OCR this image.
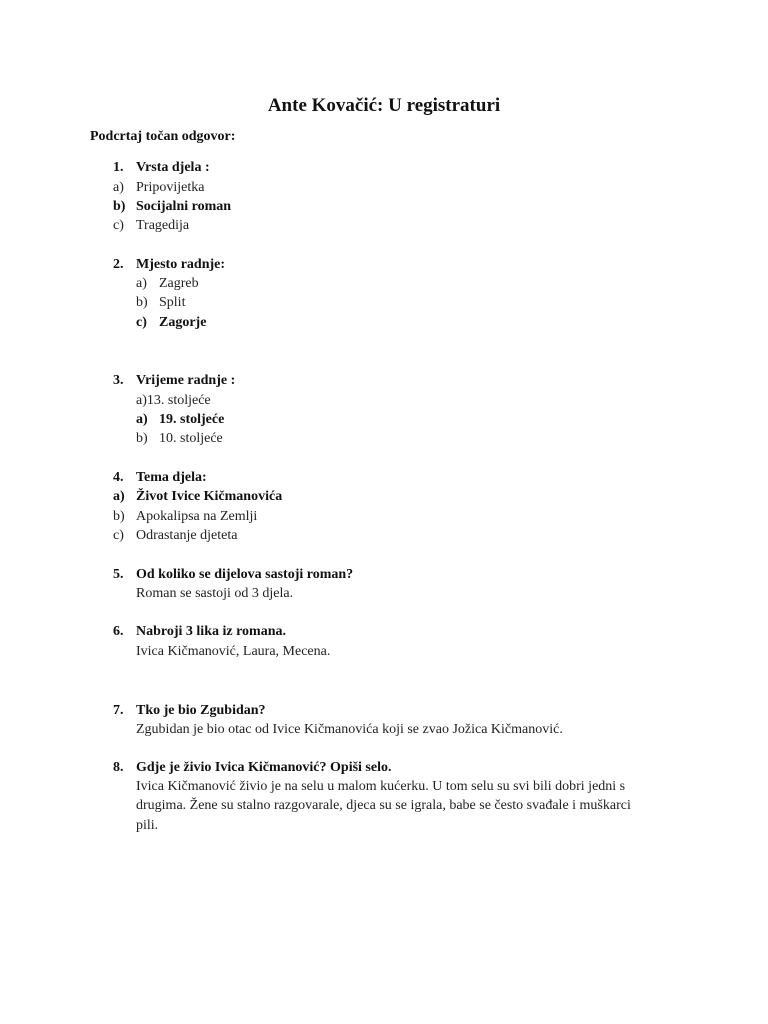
Ante Kovačić: U registraturi
Podcrtaj točan odgovor:
1. Vrsta djela :
a) Pripovijetka
b) Socijalni roman
c) Tragedija
2. Mjesto radnje:
a) Zagreb
b) Split
c) Zagorje
3. Vrijeme radnje :
a)13. stoljeće
a) 19. stoljeće
b) 10. stoljeće
4. Tema djela:
a) Život Ivice Kičmanovića
b) Apokalipsa na Zemlji
c) Odrastanje djeteta
5. Od koliko se dijelova sastoji roman?
Roman se sastoji od 3 djela.
6. Nabroji 3 lika iz romana.
Ivica Kičmanović, Laura, Mecena.
7. Tko je bio Zgubidan?
Zgubidan je bio otac od Ivice Kičmanovića koji se zvao Jožica Kičmanović.
8. Gdje je živio Ivica Kičmanović? Opiši selo.
Ivica Kičmanović živio je na selu u malom kućerku. U tom selu su svi bili dobri jedni s
drugima. Žene su stalno razgovarale, djeca su se igrala, babe se često svađale i muškarci
pili.
